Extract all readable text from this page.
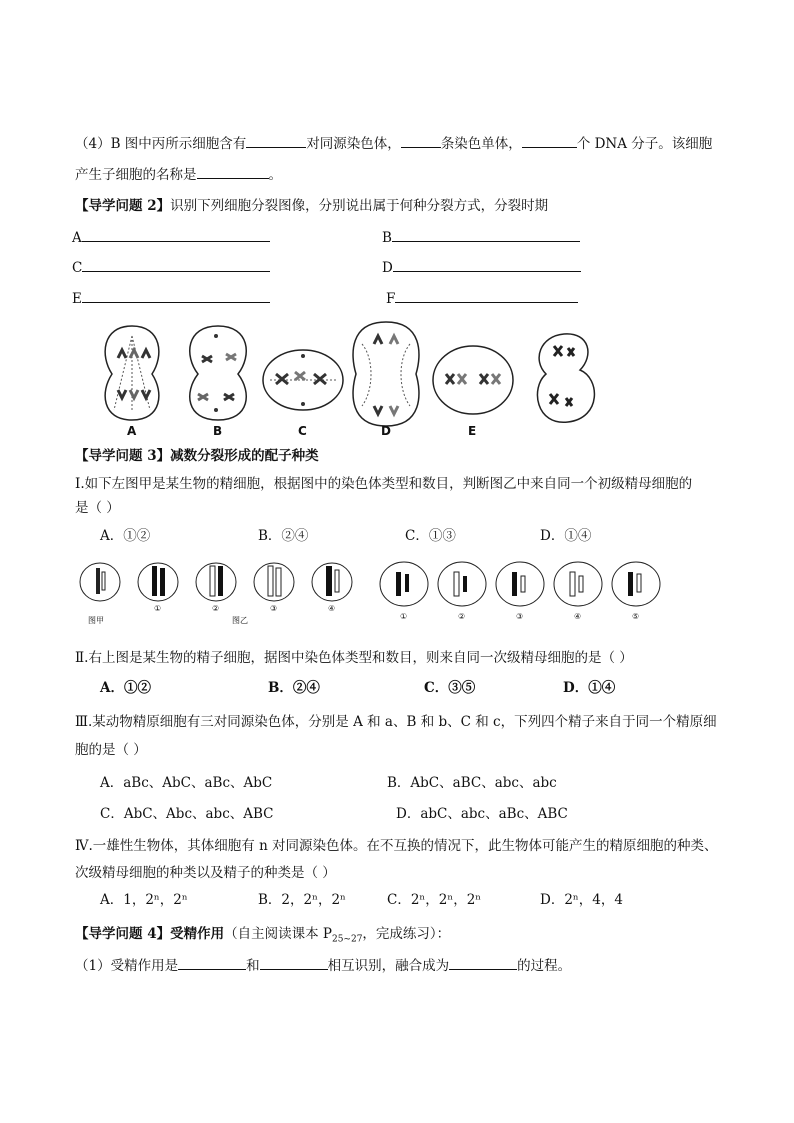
（4）B 图中丙所示细胞含有	对同源染色体，	条染色单体，	个 DNA 分子。该细胞
产生子细胞的名称是	。
【导学问题 2】识别下列细胞分裂图像，分别说出属于何种分裂方式，分裂时期
A	B
C	D
E	F
A	B	C	D	E
【导学问题 3】减数分裂形成的配子种类
Ⅰ.如下左图甲是某生物的精细胞，根据图中的染色体类型和数目，判断图乙中来自同一个初级精母细胞的
是（ ）
A．①②	B．②④	C．①③	D．①④
图甲
①	②
图乙
③	④
①	②	③	④	⑤
Ⅱ.右上图是某生物的精子细胞，据图中染色体类型和数目，则来自同一次级精母细胞的是（ ）
A．①②	B．②④	C．③⑤	D．①④
Ⅲ.某动物精原细胞有三对同源染色体，分别是 A 和 a、B 和 b、C 和 c，下列四个精子来自于同一个精原细
胞的是（ ）
A．aBc、AbC、aBc、AbC	B．AbC、aBC、abc、abc
C．AbC、Abc、abc、ABC	D．abC、abc、aBc、ABC
Ⅳ.一雄性生物体，其体细胞有 n 对同源染色体。在不互换的情况下，此生物体可能产生的精原细胞的种类、
次级精母细胞的种类以及精子的种类是（ ）
A．1，2ⁿ，2ⁿ	B．2，2ⁿ，2ⁿ	C．2ⁿ，2ⁿ，2ⁿ	D．2ⁿ，4，4
【导学问题 4】受精作用（自主阅读课本 $P_{25\sim 27}$，完成练习）：
（1）受精作用是	和	相互识别，融合成为	的过程。
